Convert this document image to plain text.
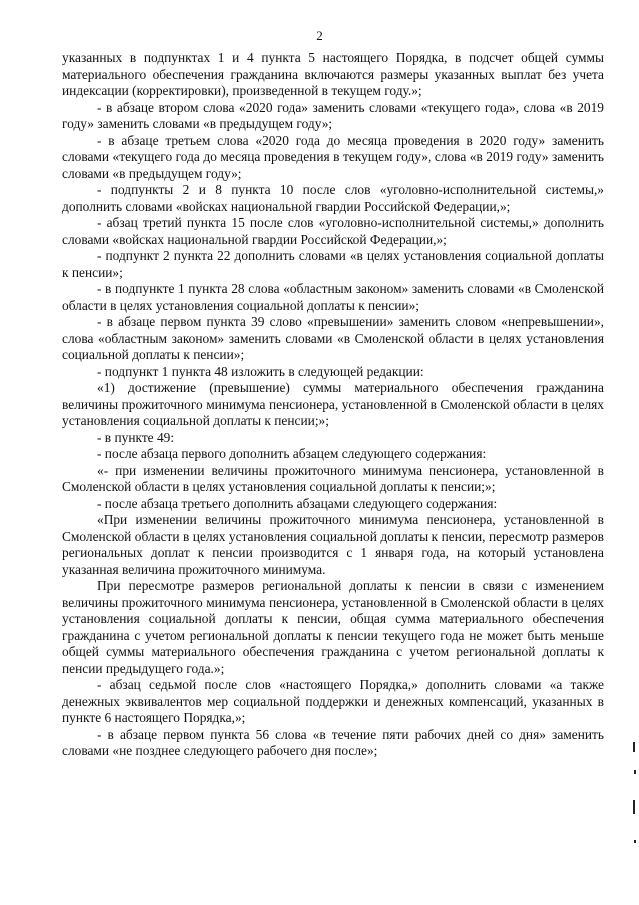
2

указанных в подпунктах 1 и 4 пункта 5 настоящего Порядка, в подсчет общей суммы материального обеспечения гражданина включаются размеры указанных выплат без учета индексации (корректировки), произведенной в текущем году.»;

- в абзаце втором слова «2020 года» заменить словами «текущего года», слова «в 2019 году» заменить словами «в предыдущем году»;

- в абзаце третьем слова «2020 года до месяца проведения в 2020 году» заменить словами «текущего года до месяца проведения в текущем году», слова «в 2019 году» заменить словами «в предыдущем году»;

- подпункты 2 и 8 пункта 10 после слов «уголовно-исполнительной системы,» дополнить словами «войсках национальной гвардии Российской Федерации,»;

- абзац третий пункта 15 после слов «уголовно-исполнительной системы,» дополнить словами «войсках национальной гвардии Российской Федерации,»;

- подпункт 2 пункта 22 дополнить словами «в целях установления социальной доплаты к пенсии»;

- в подпункте 1 пункта 28 слова «областным законом» заменить словами «в Смоленской области в целях установления социальной доплаты к пенсии»;

- в абзаце первом пункта 39 слово «превышении» заменить словом «непревышении», слова «областным законом» заменить словами «в Смоленской области в целях установления социальной доплаты к пенсии»;

- подпункт 1 пункта 48 изложить в следующей редакции:

«1) достижение (превышение) суммы материального обеспечения гражданина величины прожиточного минимума пенсионера, установленной в Смоленской области в целях установления социальной доплаты к пенсии;»;

- в пункте 49:

- после абзаца первого дополнить абзацем следующего содержания:

«- при изменении величины прожиточного минимума пенсионера, установленной в Смоленской области в целях установления социальной доплаты к пенсии;»;

- после абзаца третьего дополнить абзацами следующего содержания:

«При изменении величины прожиточного минимума пенсионера, установленной в Смоленской области в целях установления социальной доплаты к пенсии, пересмотр размеров региональных доплат к пенсии производится с 1 января года, на который установлена указанная величина прожиточного минимума.

При пересмотре размеров региональной доплаты к пенсии в связи с изменением величины прожиточного минимума пенсионера, установленной в Смоленской области в целях установления социальной доплаты к пенсии, общая сумма материального обеспечения гражданина с учетом региональной доплаты к пенсии текущего года не может быть меньше общей суммы материального обеспечения гражданина с учетом региональной доплаты к пенсии предыдущего года.»;

- абзац седьмой после слов «настоящего Порядка,» дополнить словами «а также денежных эквивалентов мер социальной поддержки и денежных компенсаций, указанных в пункте 6 настоящего Порядка,»;

- в абзаце первом пункта 56 слова «в течение пяти рабочих дней со дня» заменить словами «не позднее следующего рабочего дня после»;
